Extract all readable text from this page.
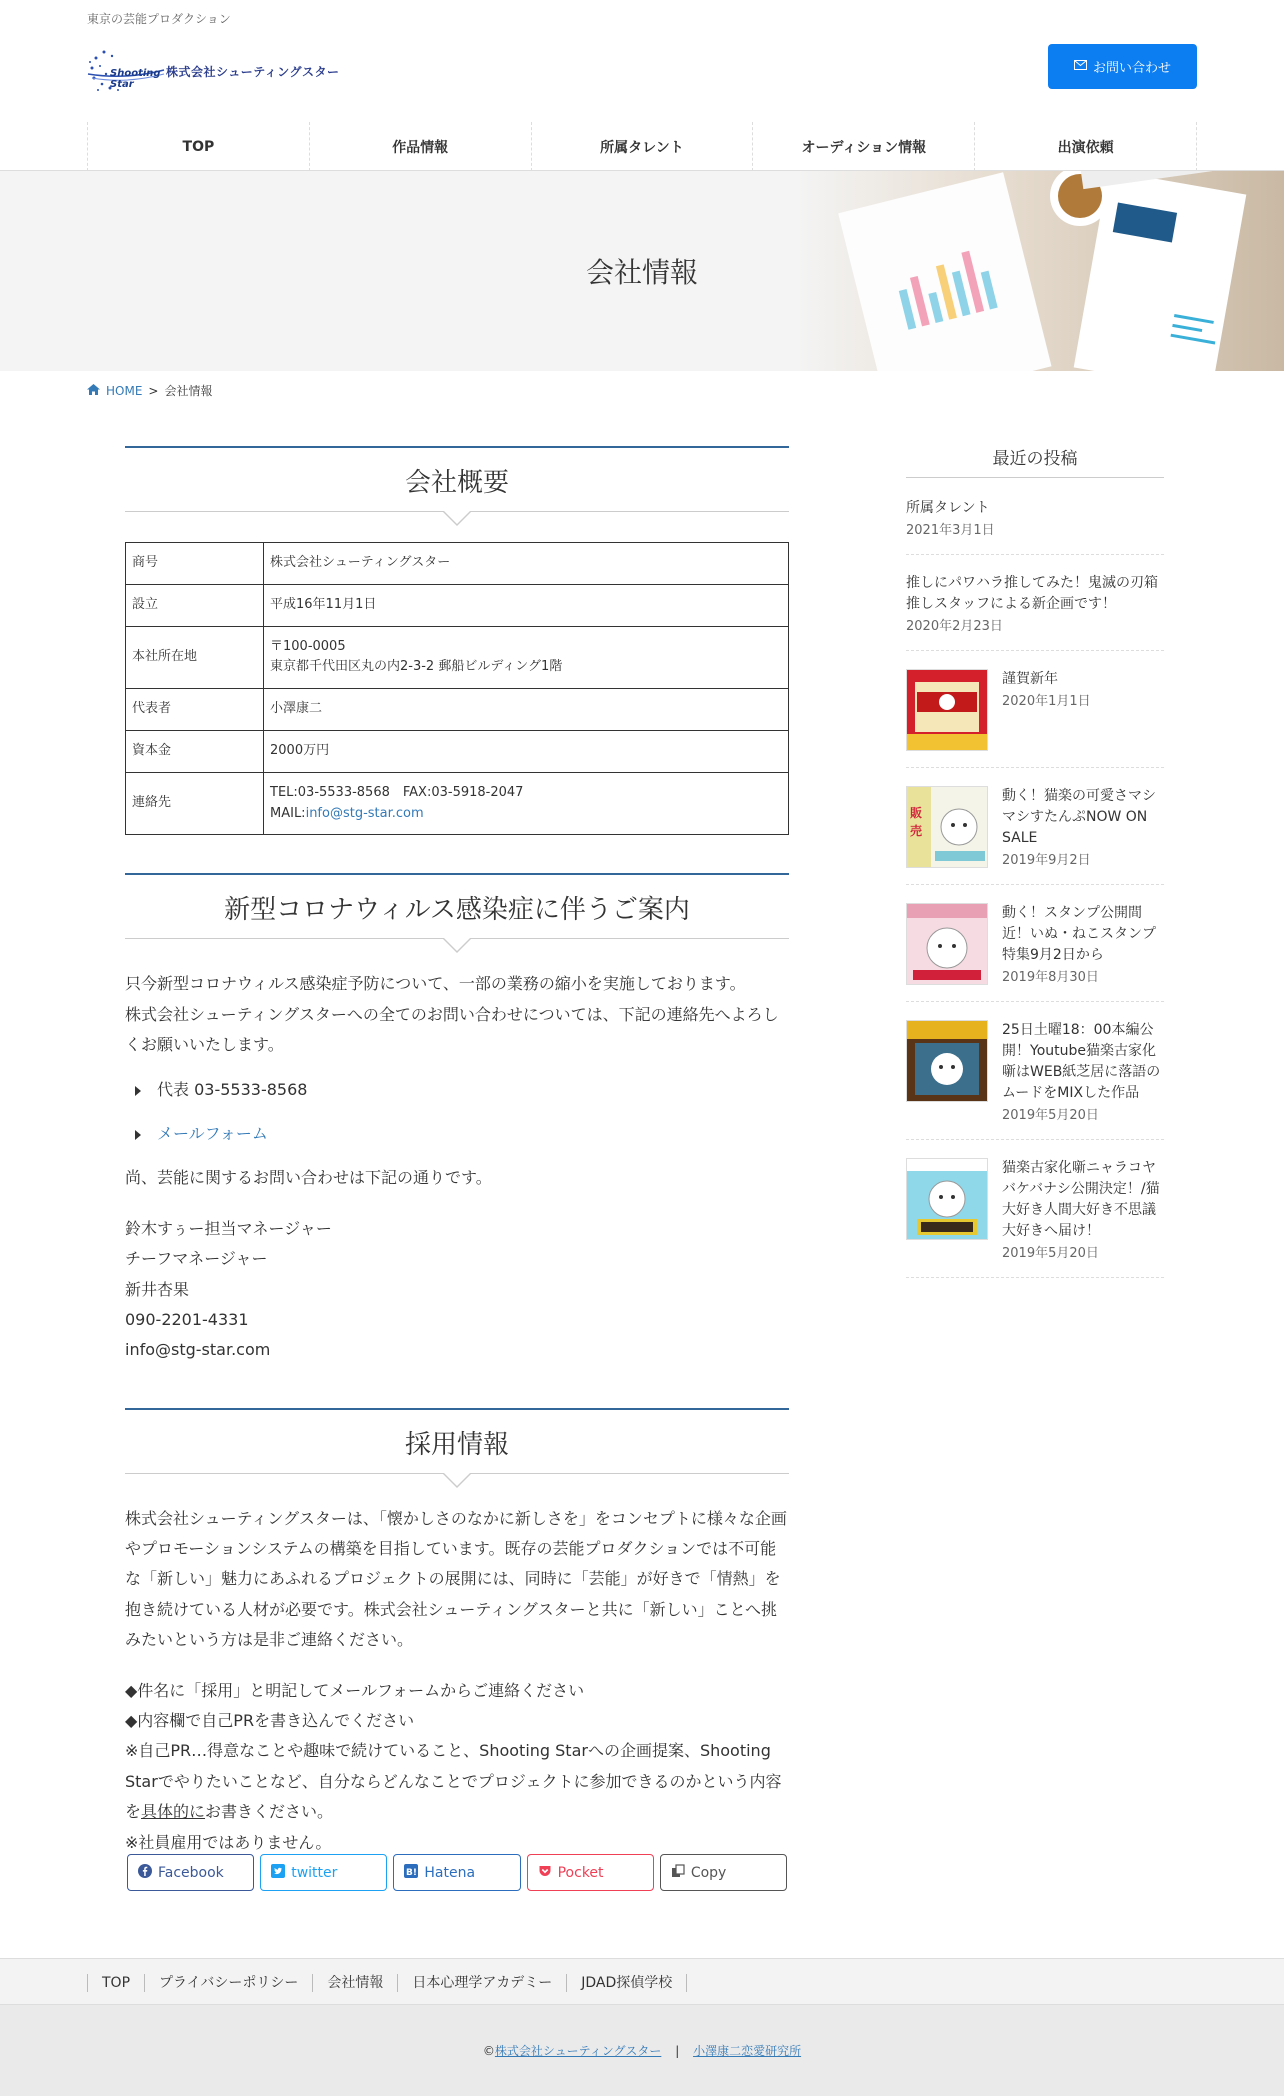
東京の芸能プロダクション
Shooting Star
株式会社シューティングスター	お問い合わせ
TOP	作品情報	所属タレント	オーディション情報	出演依頼
会社情報
HOME > 会社情報
会社概要
商号	株式会社シューティングスター
設立	平成16年11月1日
本社所在地	〒100-0005
東京都千代田区丸の内2-3-2 郵船ビルディング1階

代表者	小澤康二
資本金	2000万円
連絡先	TEL:03-5533-8568　FAX:03-5918-2047
MAIL:info@stg-star.com
新型コロナウィルス感染症に伴うご案内

只今新型コロナウィルス感染症予防について、一部の業務の縮小を実施しております。

株式会社シューティングスターへの全てのお問い合わせについては、下記の連絡先へよろしくお願いいたします。

代表 03-5533-8568
メールフォーム

尚、芸能に関するお問い合わせは下記の通りです。

鈴木すぅー担当マネージャー

チーフマネージャー

新井杏果

090-2201-4331

info@stg-star.com

採用情報

株式会社シューティングスターは、「懐かしさのなかに新しさを」をコンセプトに様々な企画やプロモーションシステムの構築を目指しています。既存の芸能プロダクションでは不可能な「新しい」魅力にあふれるプロジェクトの展開には、同時に「芸能」が好きで「情熱」を抱き続けている人材が必要です。株式会社シューティングスターと共に「新しい」ことへ挑みたいという方は是非ご連絡ください。

◆件名に「採用」と明記してメールフォームからご連絡ください

◆内容欄で自己PRを書き込んでください

※自己PR…得意なことや趣味で続けていること、Shooting Starへの企画提案、Shooting Starでやりたいことなど、自分ならどんなことでプロジェクトに参加できるのかという内容を具体的にお書きください。

※社員雇用ではありません。

Facebook	twitter	B! Hatena	Pocket	Copy
最近の投稿
所属タレント
2021年3月1日
推しにパワハラ推してみた！鬼滅の刃箱推しスタッフによる新企画です！
2020年2月23日
謹賀新年
2020年1月1日
販
売
動く！猫楽の可愛さマシマシすたんぷNOW ON SALE
2019年9月2日
動く！スタンプ公開間近！いぬ・ねこスタンプ特集9月2日から
2019年8月30日
25日土曜18：00本編公開！Youtube猫楽古家化噺はWEB紙芝居に落語のムードをMIXした作品
2019年5月20日
猫楽古家化噺ニャラコヤバケバナシ公開決定！/猫大好き人間大好き不思議大好きへ届け！
2019年5月20日
TOP	プライバシーポリシー	会社情報	日本心理学アカデミー	JDAD探偵学校
©株式会社シューティングスター | 小澤康二恋愛研究所
